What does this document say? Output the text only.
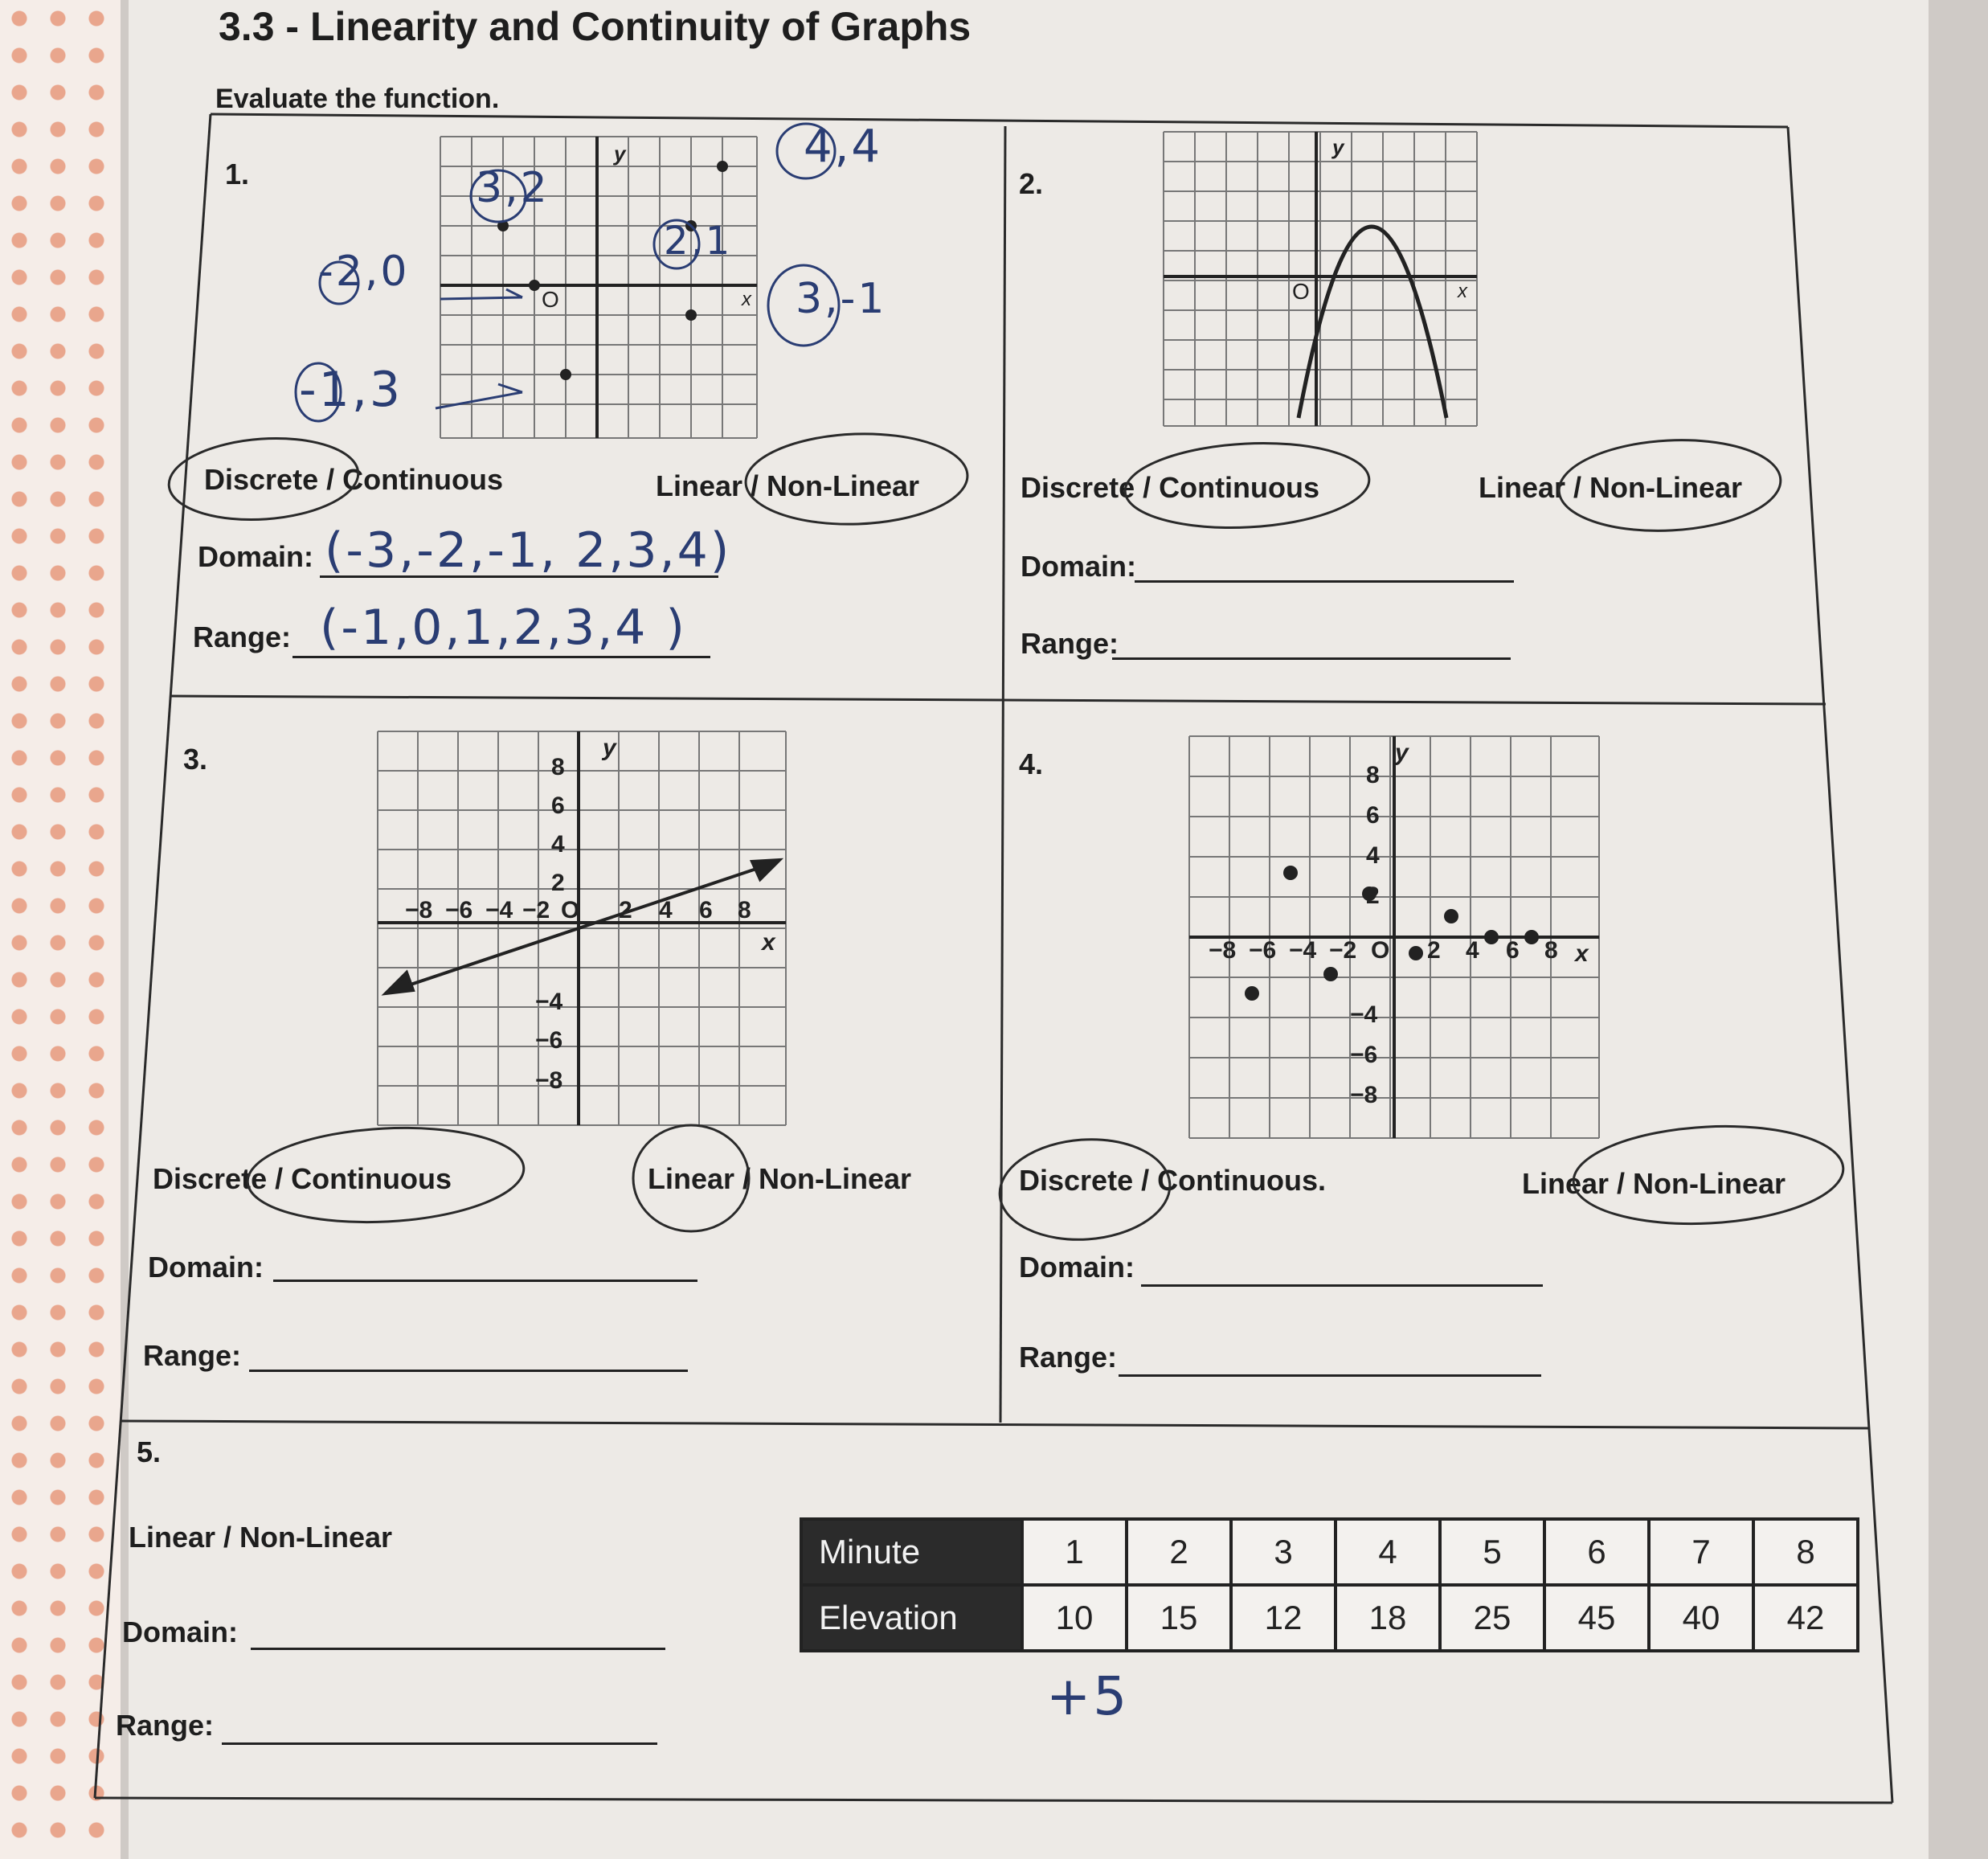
3.3 - Linearity and Continuity of Graphs
Evaluate the function.
1.
y
x
O
4,4
3,2
2,1
-2,0
3,-1
-1,3
Discrete / Continuous	Linear / Non-Linear
Domain: (-3,-2,-1, 2,3,4)
Range: (-1,0,1,2,3,4 )
2.
y
x
O
Discrete / Continuous	Linear / Non-Linear
Domain:
Range:
3.
−8 −6 −4 −2	2 4 6 8
8
6
4
2
−4
−6
−8
O
x
y
Discrete / Continuous	Linear / Non-Linear
Domain:
Range:
4.
−8 −6 −4 −2	2 4 6 8
8
6
4
2
−4
−6
−8
O	x
y
Discrete / Continuous.	Linear / Non-Linear
Domain:
Range:
5.
Linear / Non-Linear
Domain:
Range:
Minute	1	2	3	4	5	6	7	8
Elevation	10	15	12	18	25	45	40	42
+5
